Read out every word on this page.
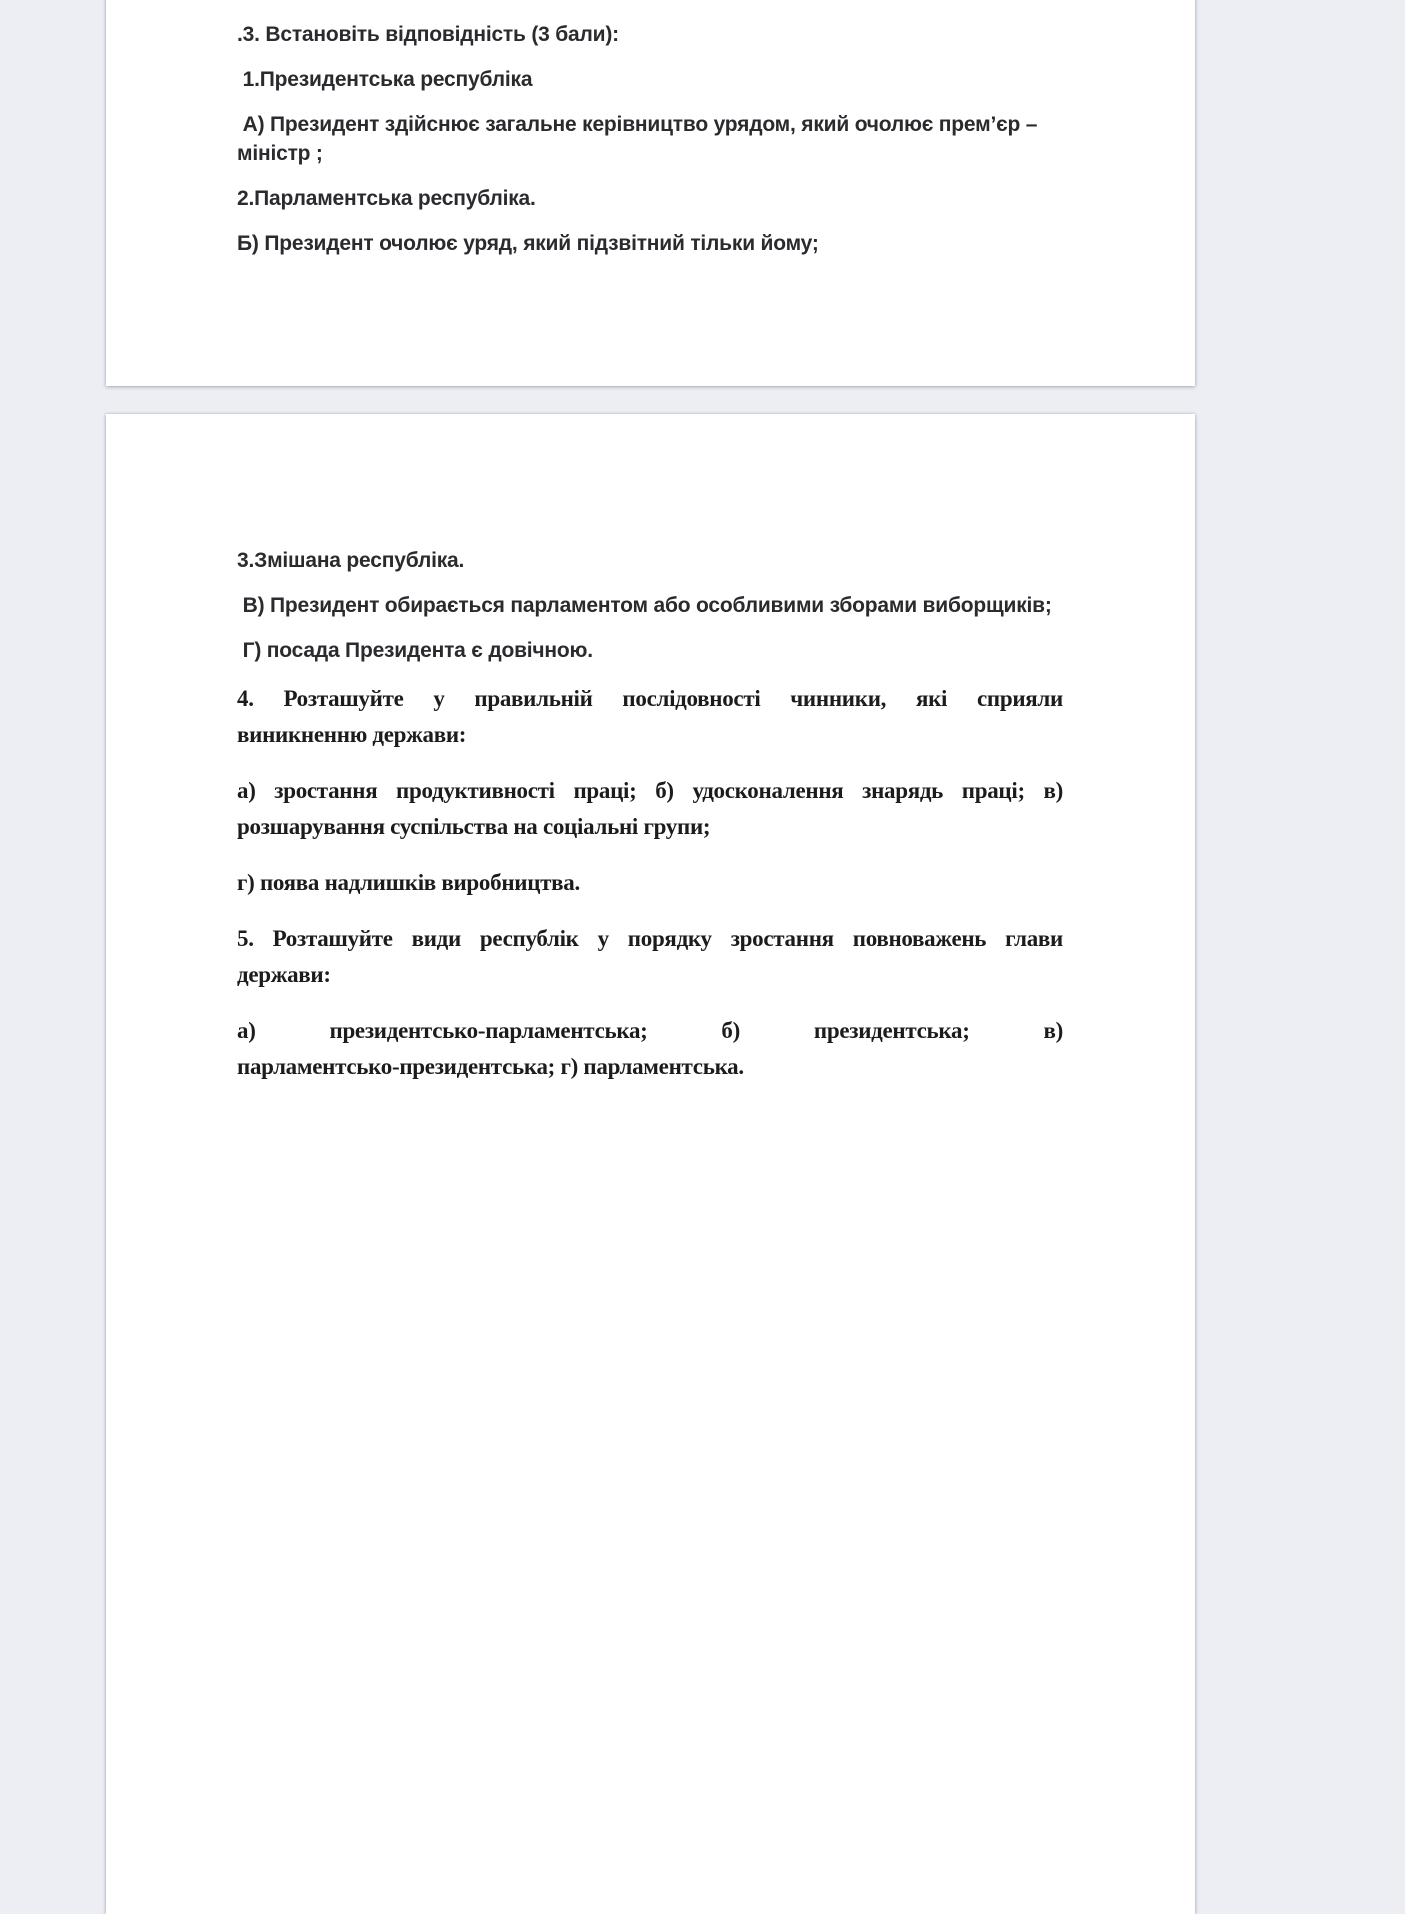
.3. Встановіть відповідність (3 бали):
1.Президентська республіка
А) Президент здійснює загальне керівництво урядом, який очолює прем’єр –
міністр ;
2.Парламентська республіка.
Б) Президент очолює уряд, який підзвітний тільки йому;
3.Змішана республіка.
В) Президент обирається парламентом або особливими зборами виборщиків;
Г) посада Президента є довічною.
4. Розташуйте у правильній послідовності чинники, які сприяли
виникненню держави:
а) зростання продуктивності праці; б) удосконалення знарядь праці; в)
розшарування суспільства на соціальні групи;
г) поява надлишків виробництва.
5. Розташуйте види республік у порядку зростання повноважень глави
держави:
а) президентсько-парламентська; б) президентська; в)
парламентсько-президентська; г) парламентська.
